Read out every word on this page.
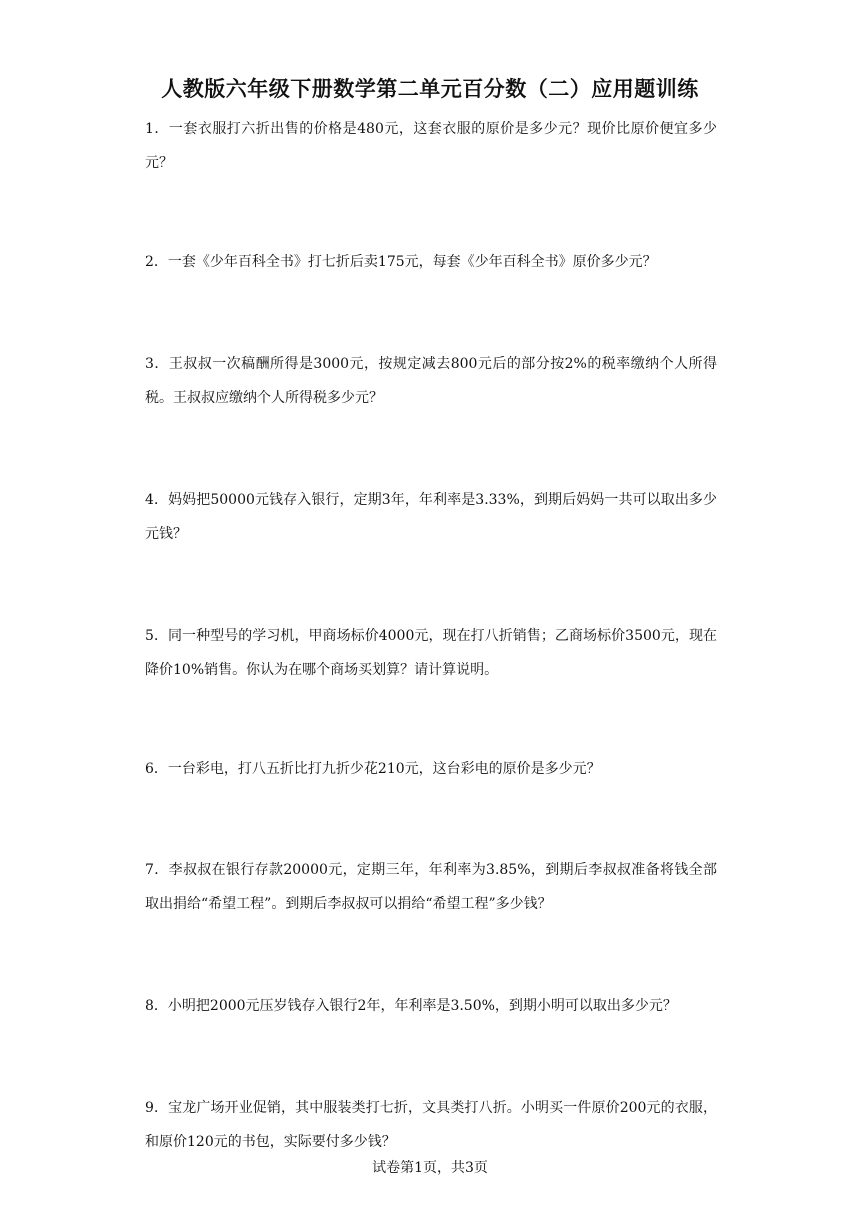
人教版六年级下册数学第二单元百分数（二）应用题训练
1．一套衣服打六折出售的价格是480元，这套衣服的原价是多少元？现价比原价便宜多少元？
2．一套《少年百科全书》打七折后卖175元，每套《少年百科全书》原价多少元？
3．王叔叔一次稿酬所得是3000元，按规定减去800元后的部分按2%的税率缴纳个人所得税。王叔叔应缴纳个人所得税多少元？
4．妈妈把50000元钱存入银行，定期3年，年利率是3.33%，到期后妈妈一共可以取出多少元钱？
5．同一种型号的学习机，甲商场标价4000元，现在打八折销售；乙商场标价3500元，现在降价10%销售。你认为在哪个商场买划算？请计算说明。
6．一台彩电，打八五折比打九折少花210元，这台彩电的原价是多少元？
7．李叔叔在银行存款20000元，定期三年，年利率为3.85%，到期后李叔叔准备将钱全部取出捐给“希望工程”。到期后李叔叔可以捐给“希望工程”多少钱？
8．小明把2000元压岁钱存入银行2年，年利率是3.50%，到期小明可以取出多少元？
9．宝龙广场开业促销，其中服装类打七折，文具类打八折。小明买一件原价200元的衣服，和原价120元的书包，实际要付多少钱？
试卷第1页，共3页
